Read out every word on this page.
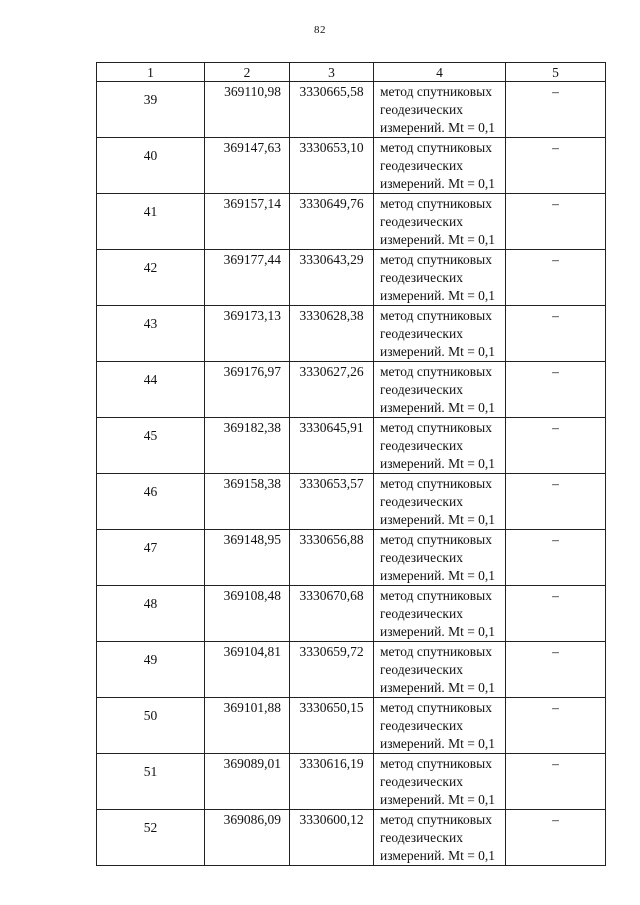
82
1	2	3	4	5
39	369110,98	3330665,58	метод спутниковых геодезических измерений. Mt = 0,1	–
40	369147,63	3330653,10	метод спутниковых геодезических измерений. Mt = 0,1	–
41	369157,14	3330649,76	метод спутниковых геодезических измерений. Mt = 0,1	–
42	369177,44	3330643,29	метод спутниковых геодезических измерений. Mt = 0,1	–
43	369173,13	3330628,38	метод спутниковых геодезических измерений. Mt = 0,1	–
44	369176,97	3330627,26	метод спутниковых геодезических измерений. Mt = 0,1	–
45	369182,38	3330645,91	метод спутниковых геодезических измерений. Mt = 0,1	–
46	369158,38	3330653,57	метод спутниковых геодезических измерений. Mt = 0,1	–
47	369148,95	3330656,88	метод спутниковых геодезических измерений. Mt = 0,1	–
48	369108,48	3330670,68	метод спутниковых геодезических измерений. Mt = 0,1	–
49	369104,81	3330659,72	метод спутниковых геодезических измерений. Mt = 0,1	–
50	369101,88	3330650,15	метод спутниковых геодезических измерений. Mt = 0,1	–
51	369089,01	3330616,19	метод спутниковых геодезических измерений. Mt = 0,1	–
52	369086,09	3330600,12	метод спутниковых геодезических измерений. Mt = 0,1	–
